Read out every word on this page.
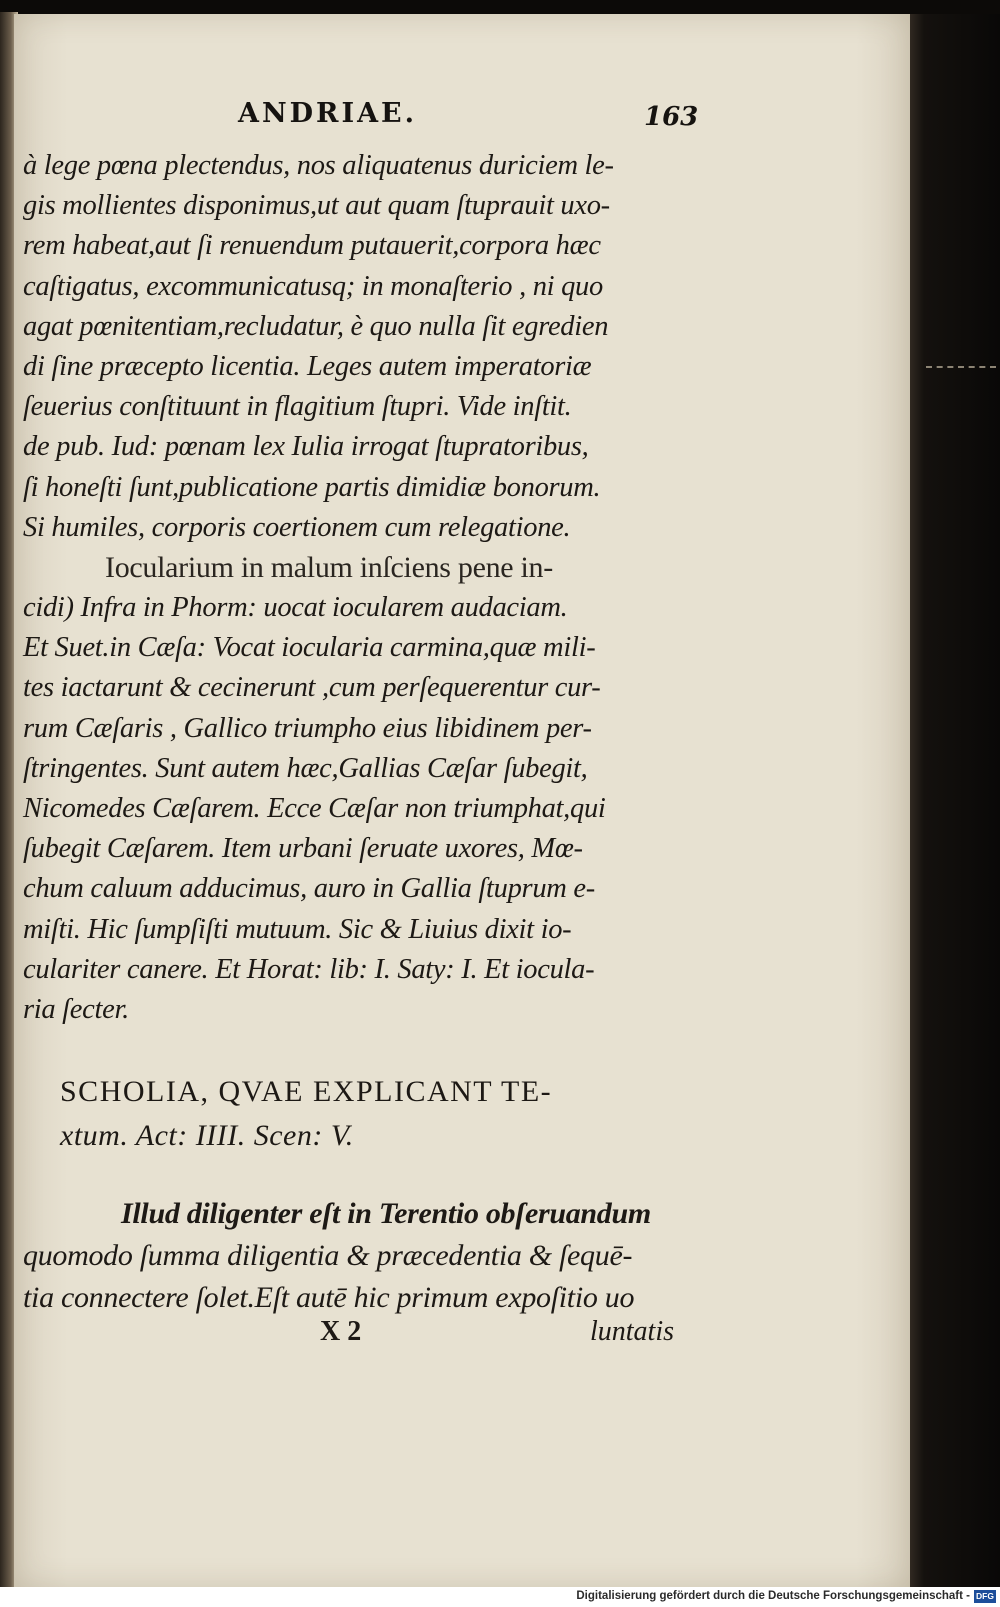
ANDRIAE.	163
à lege pœna plectendus, nos aliquatenus duriciem le-
gis mollientes disponimus,ut aut quam ſtuprauit uxo-
rem habeat,aut ſi renuendum putauerit,corpora hæc
caſtigatus, excommunicatusq; in monaſterio , ni quo
agat pœnitentiam,recludatur, è quo nulla ſit egredien
di ſine præcepto licentia. Leges autem imperatoriæ
ſeuerius conſtituunt in flagitium ſtupri. Vide inſtit.
de pub. Iud: pœnam lex Iulia irrogat ſtupratoribus,
ſi honeſti ſunt,publicatione partis dimidiæ bonorum.
Si humiles, corporis coertionem cum relegatione.
Iocularium in malum inſciens pene in-
cidi) Infra in Phorm: uocat iocularem audaciam.
Et Suet.in Cæſa: Vocat iocularia carmina,quæ mili-
tes iactarunt & cecinerunt ,cum perſequerentur cur-
rum Cæſaris , Gallico triumpho eius libidinem per-
ſtringentes. Sunt autem hæc,Gallias Cæſar ſubegit,
Nicomedes Cæſarem. Ecce Cæſar non triumphat,qui
ſubegit Cæſarem. Item urbani ſeruate uxores, Mœ-
chum caluum adducimus, auro in Gallia ſtuprum e-
miſti. Hic ſumpſiſti mutuum. Sic & Liuius dixit io-
culariter canere. Et Horat: lib: I. Saty: I. Et iocula-
ria ſecter.
SCHOLIA, QVAE EXPLICANT TE-
xtum. Act: IIII. Scen: V.
Illud diligenter eſt in Terentio obſeruandum
quomodo ſumma diligentia & præcedentia & ſequē-
tia connectere ſolet.Eſt autē hic primum expoſitio uo
X 2	luntatis
Digitalisierung gefördert durch die Deutsche Forschungsgemeinschaft - DFG
